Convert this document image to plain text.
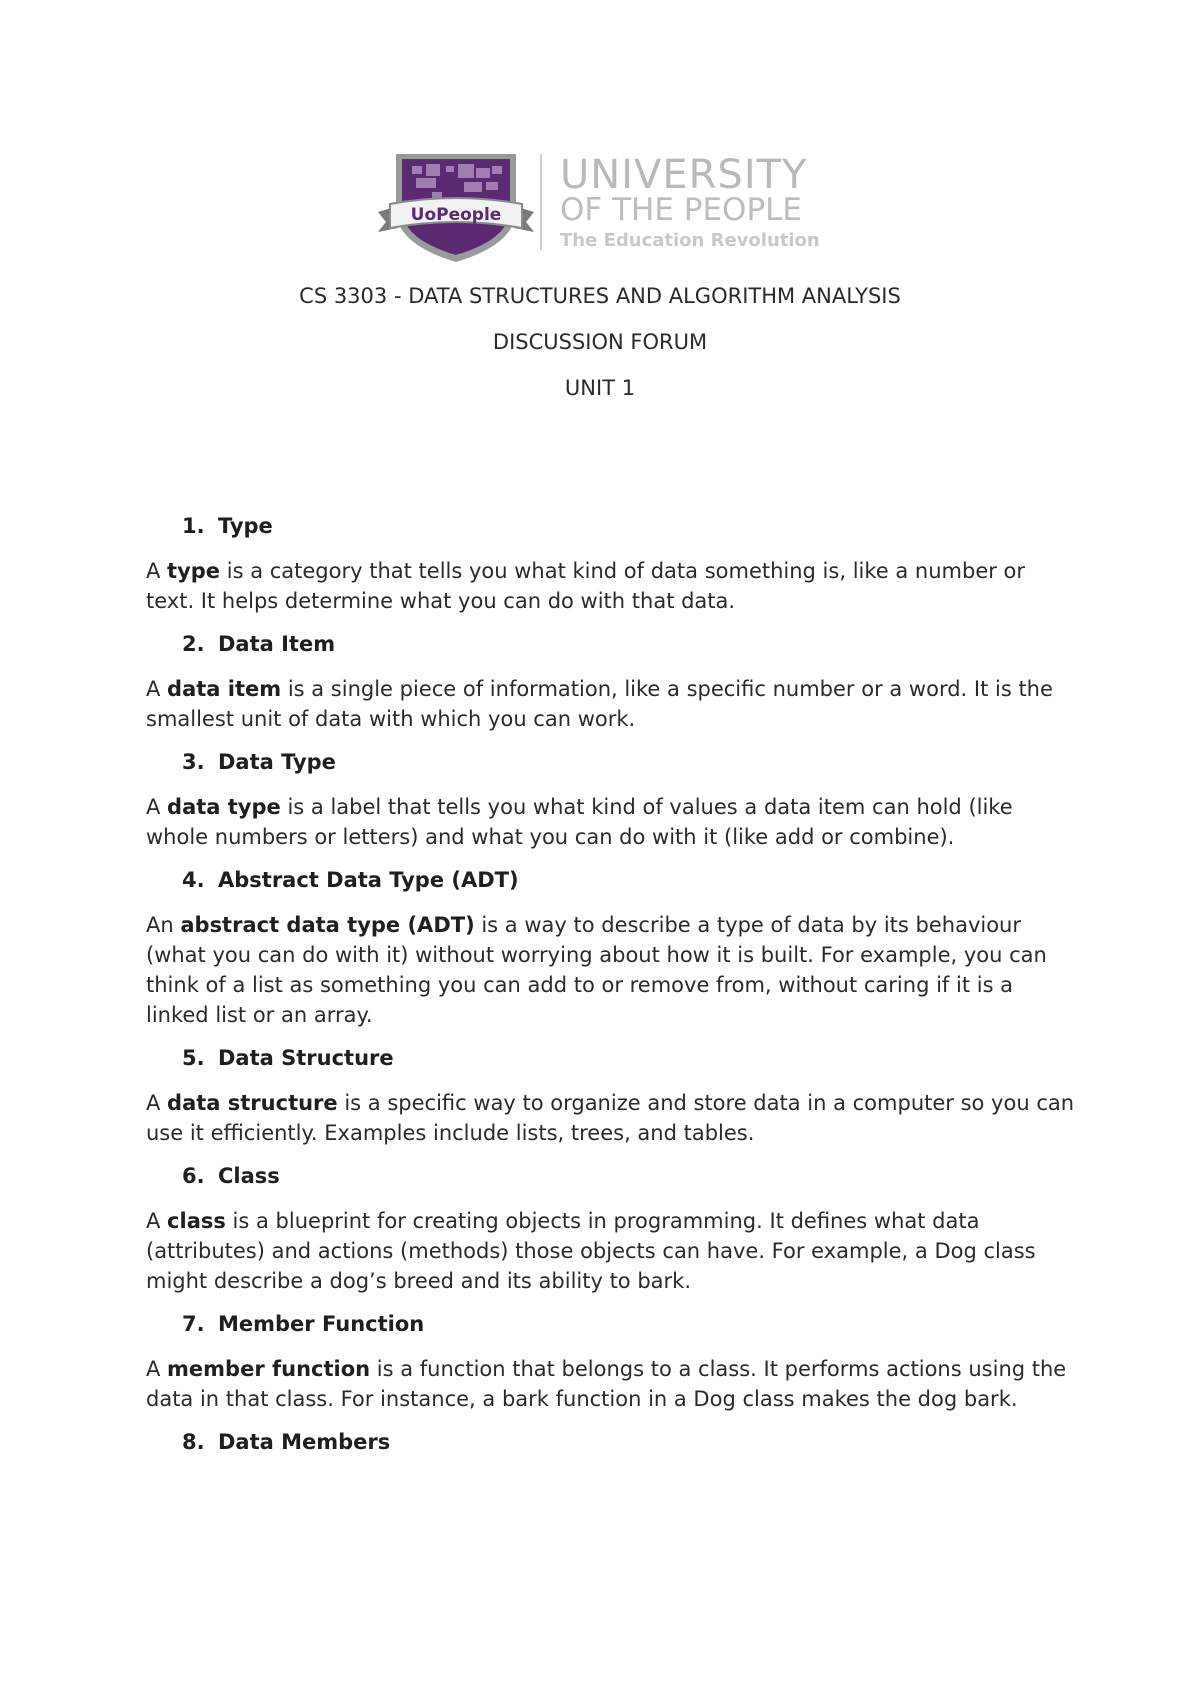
UoPeople
UNIVERSITY
OF THE PEOPLE
The Education Revolution
CS 3303 - DATA STRUCTURES AND ALGORITHM ANALYSIS
DISCUSSION FORUM
UNIT 1
1. Type

A type is a category that tells you what kind of data something is, like a number or text. It helps determine what you can do with that data.

2. Data Item

A data item is a single piece of information, like a specific number or a word. It is the smallest unit of data with which you can work.

3. Data Type

A data type is a label that tells you what kind of values a data item can hold (like whole numbers or letters) and what you can do with it (like add or combine).

4. Abstract Data Type (ADT)

An abstract data type (ADT) is a way to describe a type of data by its behaviour (what you can do with it) without worrying about how it is built. For example, you can think of a list as something you can add to or remove from, without caring if it is a linked list or an array.

5. Data Structure

A data structure is a specific way to organize and store data in a computer so you can use it efficiently. Examples include lists, trees, and tables.

6. Class

A class is a blueprint for creating objects in programming. It defines what data (attributes) and actions (methods) those objects can have. For example, a Dog class might describe a dog’s breed and its ability to bark.

7. Member Function

A member function is a function that belongs to a class. It performs actions using the data in that class. For instance, a bark function in a Dog class makes the dog bark.

8. Data Members
